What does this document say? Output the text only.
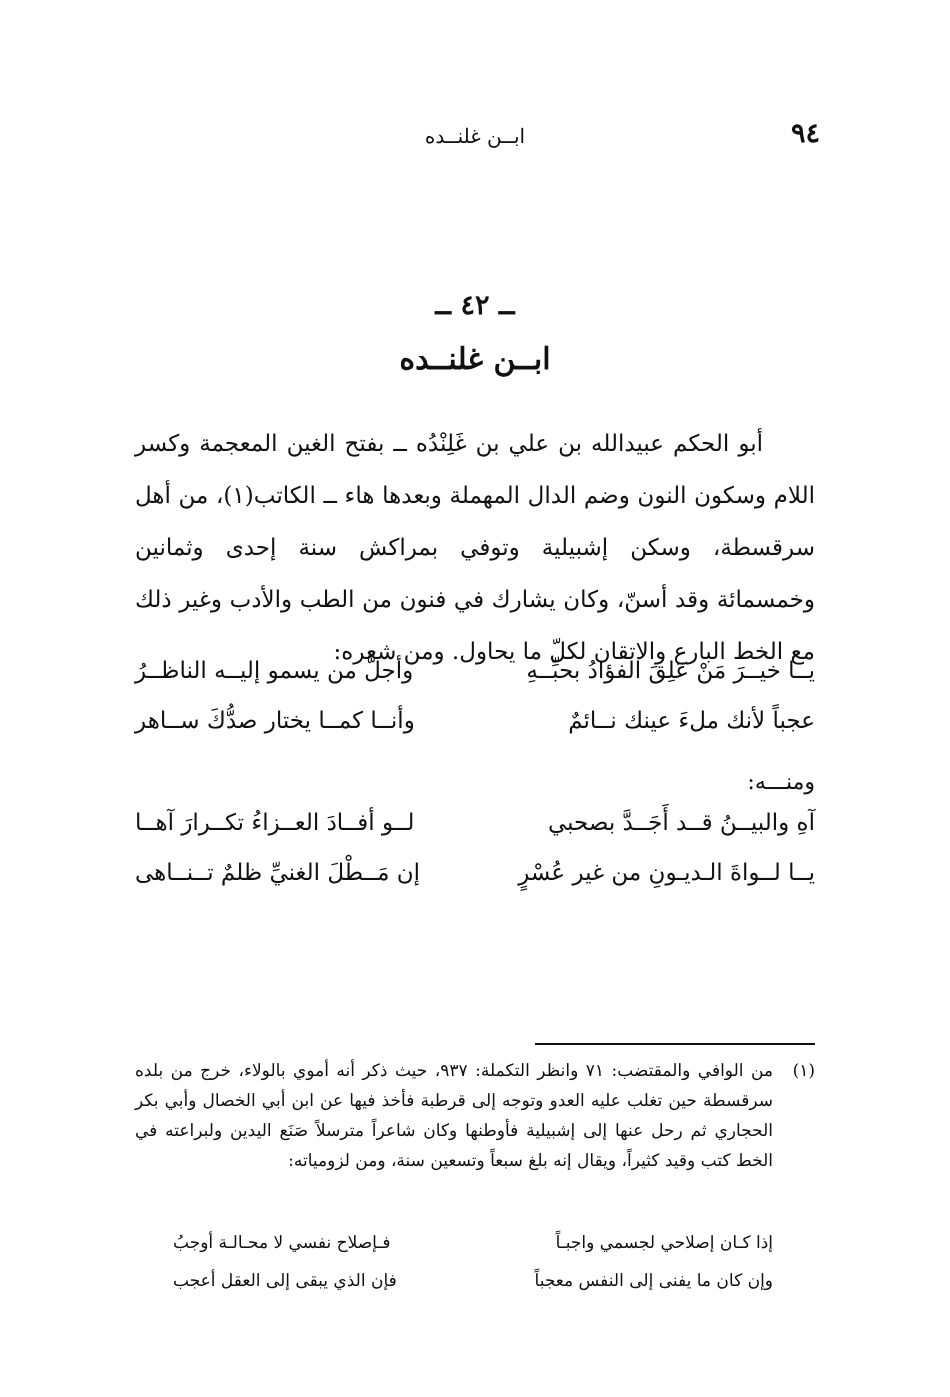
٩٤
ابــن غلنــده
ــ ٤٢ ــ
ابــن غلنــده

أبو الحكم عبيدالله بن علي بن غَلِنْدُه ــ بفتح الغين المعجمة وكسر اللام وسكون النون وضم الدال المهملة وبعدها هاء ــ الكاتب(١)، من أهل سرقسطة، وسكن إشبيلية وتوفي بمراكش سنة إحدى وثمانين وخمسمائة وقد أسنّ، وكان يشارك في فنون من الطب والأدب وغير ذلك مع الخط البارع والاتقان لكلّ ما يحاول. ومن شعره:

يــا خيــرَ مَنْ عَلِقَ الفؤادُ بحبِّــهِ
وأجلَّ من يسمو إليــه الناظــرُ
عجباً لأنك ملءَ عينك نــائمٌ
وأنــا كمــا يختار صدُّكَ ســاهر
ومنـــه:
آهِ والبيــنُ قــد أَجَــدَّ بصحبي
لــو أفــادَ العــزاءُ تكــرارَ آهــا
يــا لــواةَ الـديـونِ من غير عُسْرٍ
إن مَــطْلَ الغنيِّ ظلمٌ تــنــاهى
(١)
من الوافي والمقتضب: ٧١ وانظر التكملة: ٩٣٧، حيث ذكر أنه أموي بالولاء، خرج من بلده سرقسطة حين تغلب عليه العدو وتوجه إلى قرطبة فأخذ فيها عن ابن أبي الخصال وأبي بكر الحجاري ثم رحل عنها إلى إشبيلية فأوطنها وكان شاعراً مترسلاً صَنَع اليدين ولبراعته في الخط كتب وقيد كثيراً، ويقال إنه بلغ سبعاً وتسعين سنة، ومن لزومياته:
إذا كـان إصلاحي لجسمي واجبـاً
فـإصلاح نفسي لا محـالـة أوجبُ
وإن كان ما يفنى إلى النفس معجباً
فإن الذي يبقى إلى العقل أعجب
